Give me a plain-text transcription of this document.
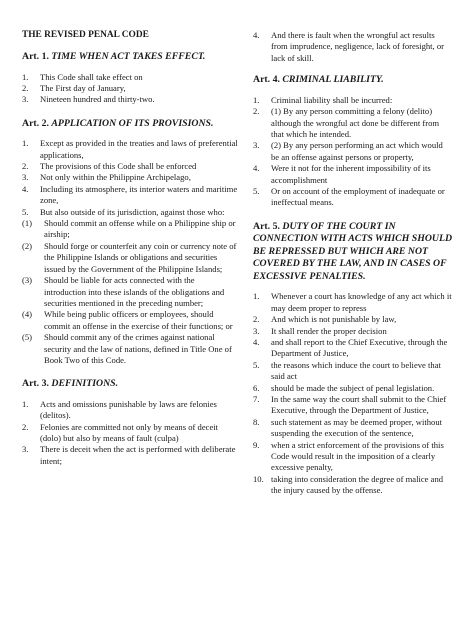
THE REVISED PENAL CODE
Art. 1. TIME WHEN ACT TAKES EFFECT.
1.	This Code shall take effect on
2.	The First day of January,
3.	Nineteen hundred and thirty-two.
Art. 2. APPLICATION OF ITS PROVISIONS.
1.	Except as provided in the treaties and laws of preferential applications,
2.	The provisions of this Code shall be enforced
3.	Not only within the Philippine Archipelago,
4.	Including its atmosphere, its interior waters and maritime zone,
5.	But also outside of its jurisdiction, against those who:
(1)	Should commit an offense while on a Philippine ship or airship;
(2)	Should forge or counterfeit any coin or currency note of the Philippine Islands or obligations and securities issued by the Government of the Philippine Islands;
(3)	Should be liable for acts connected with the introduction into these islands of the obligations and securities mentioned in the preceding number;
(4)	While being public officers or employees, should commit an offense in the exercise of their functions; or
(5)	Should commit any of the crimes against national security and the law of nations, defined in Title One of Book Two of this Code.
Art. 3. DEFINITIONS.
1.	Acts and omissions punishable by laws are felonies (delitos).
2.	Felonies are committed not only by means of deceit (dolo) but also by means of fault (culpa)
3.	There is deceit when the act is performed with deliberate intent;
4.	And there is fault when the wrongful act results from imprudence, negligence, lack of foresight, or lack of skill.
Art. 4. CRIMINAL LIABILITY.
1.	Criminal liability shall be incurred:
2.	(1) By any person committing a felony (delito) although the wrongful act done be different from that which he intended.
3.	(2) By any person performing an act which would be an offense against persons or property,
4.	Were it not for the inherent impossibility of its accomplishment
5.	Or on account of the employment of inadequate or ineffectual means.
Art. 5. DUTY OF THE COURT IN CONNECTION WITH ACTS WHICH SHOULD BE REPRESSED BUT WHICH ARE NOT COVERED BY THE LAW, AND IN CASES OF EXCESSIVE PENALTIES.
1.	Whenever a court has knowledge of any act which it may deem proper to repress
2.	And which is not punishable by law,
3.	It shall render the proper decision
4.	and shall report to the Chief Executive, through the Department of Justice,
5.	the reasons which induce the court to believe that said act
6.	should be made the subject of penal legislation.
7.	In the same way the court shall submit to the Chief Executive, through the Department of Justice,
8.	such statement as may be deemed proper, without suspending the execution of the sentence,
9.	when a strict enforcement of the provisions of this Code would result in the imposition of a clearly excessive penalty,
10. taking into consideration the degree of malice and the injury caused by the offense.
